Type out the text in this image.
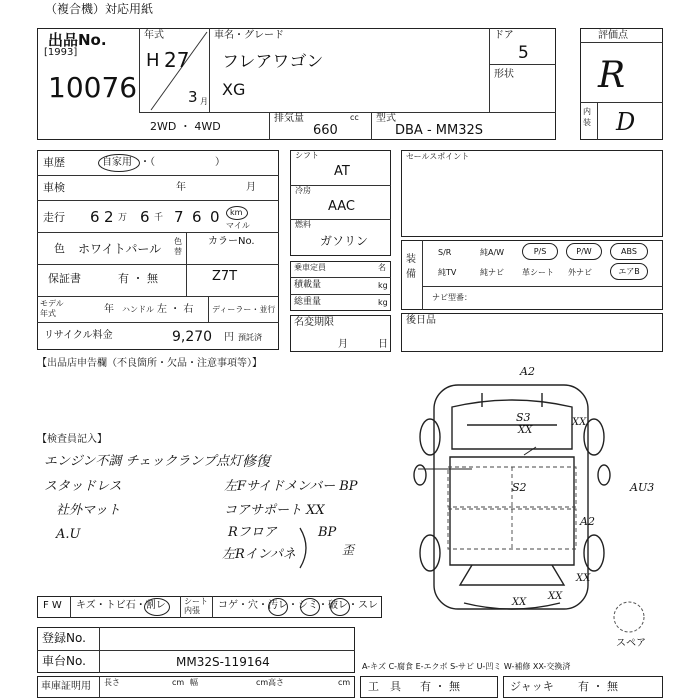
（複合機）対応用紙
出品No.
[1993]
10076
年式
H 27
3 月
車名・グレード
フレアワゴン
XG
ドア
5
形状
2WD ・ 4WD
排気量	cc
660
型式
DBA - MM32S
評価点
R
内装 D
車歴	自家用 ・（　　　　　　）
車検	年	月
走行 6 2 万 6 千 7 6 0 km
マイル
色 ホワイトパール
色替
カラーNo.
Z7T
保証書	有 ・ 無
モデル年式	年 ハンドル 左 ・ 右 ディーラー・並行
リサイクル料金	9,270 円 預託済
シフト
AT
冷房
AAC
燃料
ガソリン
乗車定員	名
積載量	kg
総重量	kg
名変期限
月	日
セールスポイント
装備
S/R	純A/W	P/S	P/W	ABS
純TV	純ナビ 革シート 外ナビ	エアB
ナビ型番：
後日品
【出品店申告欄（不良箇所・欠品・注意事項等）】
【検査員記入】
エンジン不調 チェックランプ点灯 修復
スタッドレス	左Fサイドメンバー BP
社外マット	コアサポート XX
A.U	Rフロア
左Rインパネ
BP
歪
A2
S3
XX
XX
S2	AU3
A2
XX
XX
XX
スペア
F W キズ・トビ石・割レ シート内張	コゲ・穴・汚レ・シミ・破レ・スレ
登録No.
車台No.	MM32S-119164	A-キズ C-腐食 E-エクボ S-サビ U-凹ミ W-補修 XX-交換済
車庫証明用 長さ	cm 幅	cm 高さ	cm 工　具 有 ・ 無	ジャッキ 有 ・ 無
